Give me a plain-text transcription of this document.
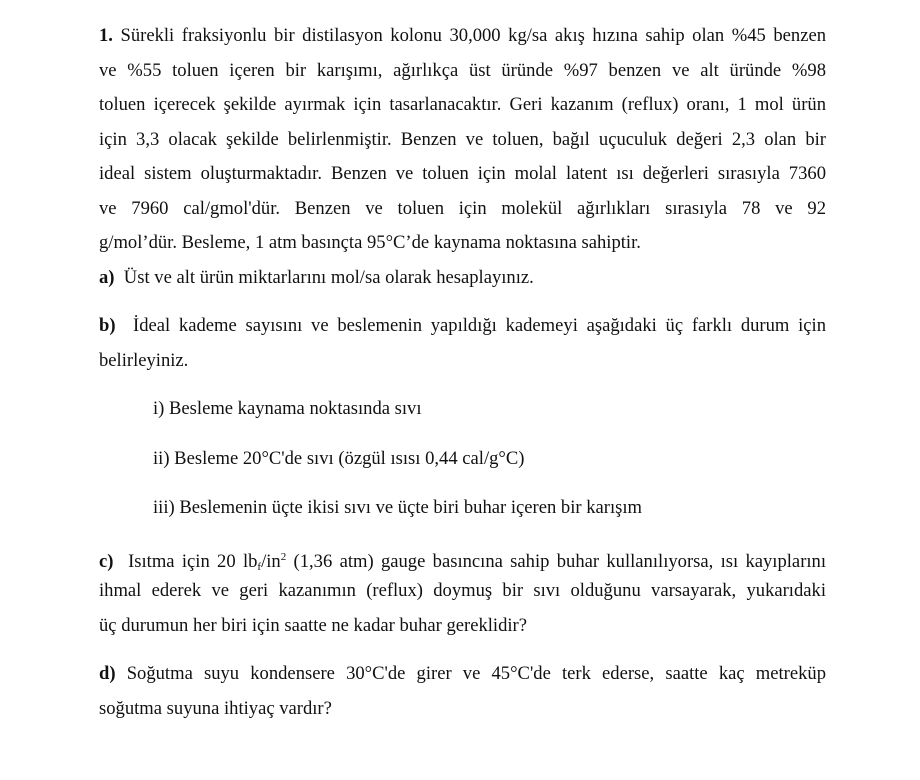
1. Sürekli fraksiyonlu bir distilasyon kolonu 30,000 kg/sa akış hızına sahip olan %45 benzen
ve %55 toluen içeren bir karışımı, ağırlıkça üst üründe %97 benzen ve alt üründe %98
toluen içerecek şekilde ayırmak için tasarlanacaktır. Geri kazanım (reflux) oranı, 1 mol ürün
için 3,3 olacak şekilde belirlenmiştir. Benzen ve toluen, bağıl uçuculuk değeri 2,3 olan bir
ideal sistem oluşturmaktadır. Benzen ve toluen için molal latent ısı değerleri sırasıyla 7360
ve 7960 cal/gmol'dür. Benzen ve toluen için molekül ağırlıkları sırasıyla 78 ve 92
g/mol’dür. Besleme, 1 atm basınçta 95°C’de kaynama noktasına sahiptir.
a) Üst ve alt ürün miktarlarını mol/sa olarak hesaplayınız.
b) İdeal kademe sayısını ve beslemenin yapıldığı kademeyi aşağıdaki üç farklı durum için
belirleyiniz.
i) Besleme kaynama noktasında sıvı
ii) Besleme 20°C'de sıvı (özgül ısısı 0,44 cal/g°C)
iii) Beslemenin üçte ikisi sıvı ve üçte biri buhar içeren bir karışım
c) Isıtma için 20 $lb_f/in^2$ (1,36 atm) gauge basıncına sahip buhar kullanılıyorsa, ısı kayıplarını
ihmal ederek ve geri kazanımın (reflux) doymuş bir sıvı olduğunu varsayarak, yukarıdaki
üç durumun her biri için saatte ne kadar buhar gereklidir?
d) Soğutma suyu kondensere 30°C'de girer ve 45°C'de terk ederse, saatte kaç metreküp
soğutma suyuna ihtiyaç vardır?
